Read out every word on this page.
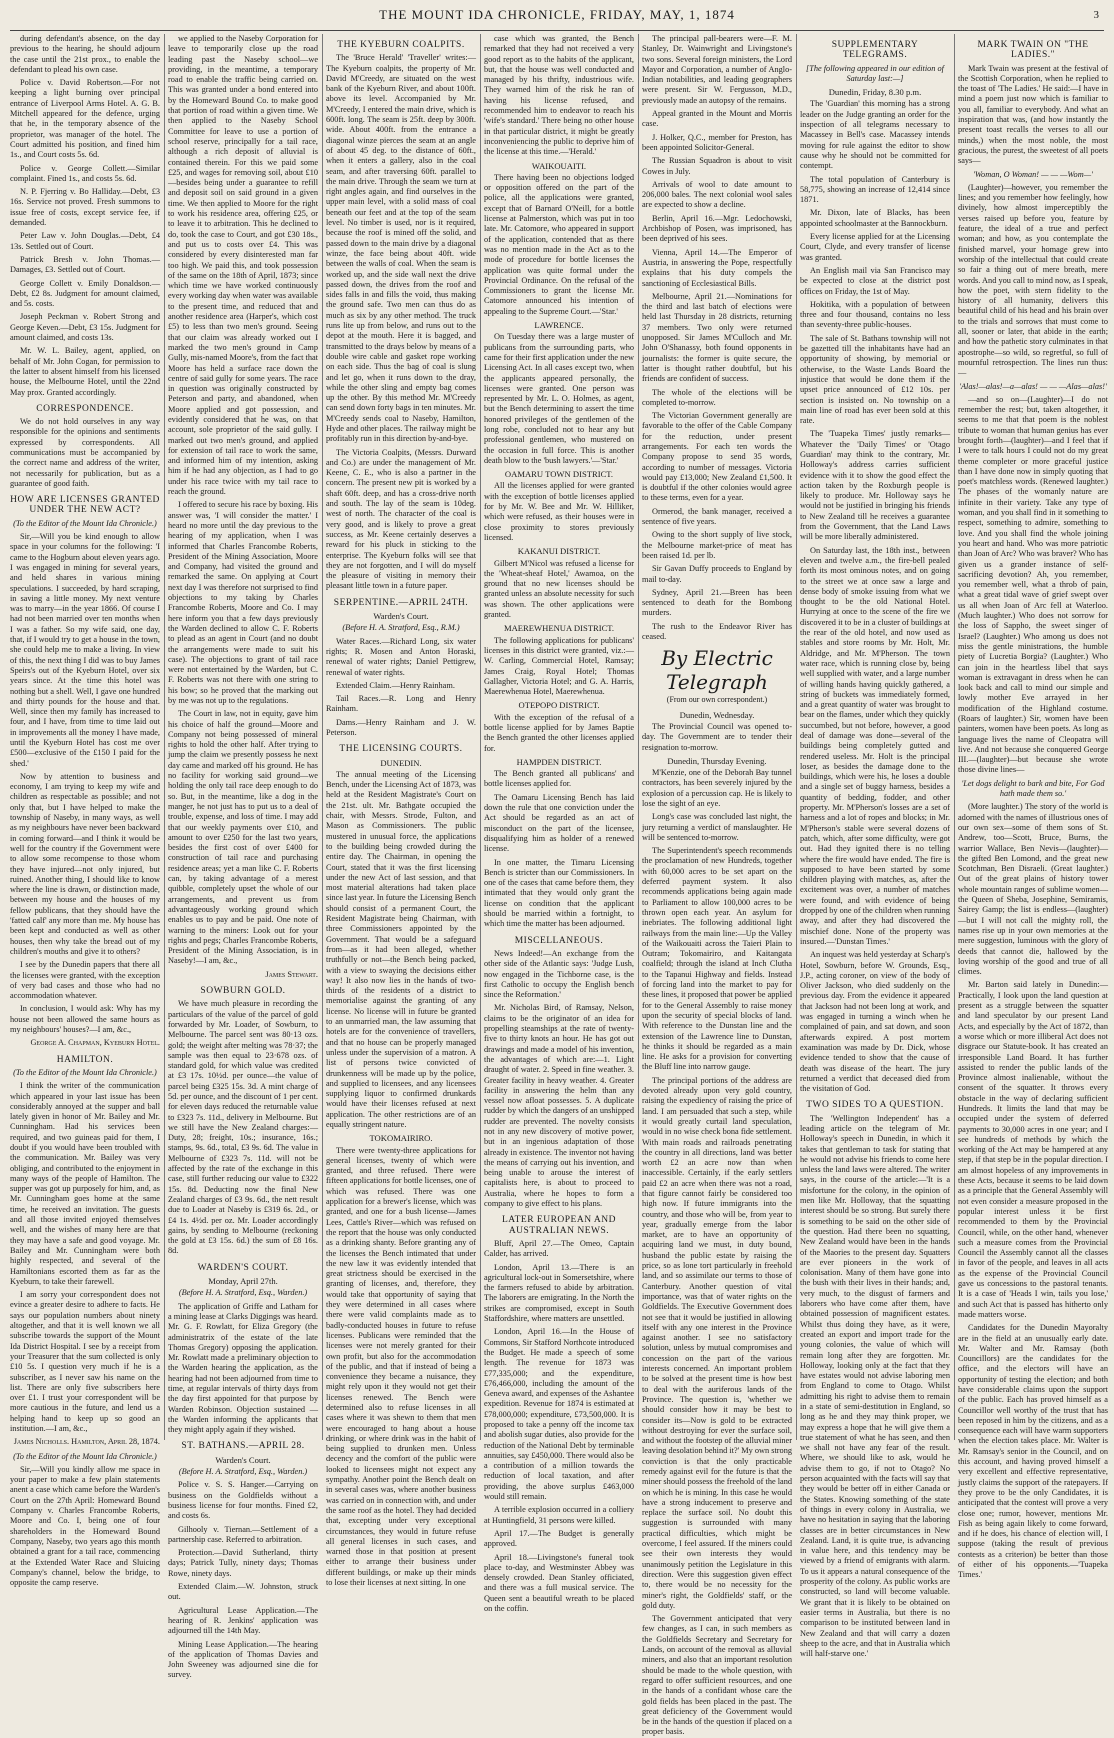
THE MOUNT IDA CHRONICLE, FRIDAY, MAY, 1, 1874	3

during defendant's absence, on the day previous to the hearing, he should adjourn the case until the 21st prox., to enable the defendant to plead his own case.

Police v. David Robertson.—For not keeping a light burning over principal entrance of Liverpool Arms Hotel. A. G. B. Mitchell appeared for the defence, urging that he, in the temporary absence of the proprietor, was manager of the hotel. The Court admitted his position, and fined him 1s., and Court costs 5s. 6d.

Police v. George Collett.—Similar complaint. Fined 1s., and costs 5s. 6d.

N. P. Fjerring v. Bo Halliday.—Debt, £3 16s. Service not proved. Fresh summons to issue free of costs, except service fee, if demanded.

Peter Law v. John Douglas.—Debt, £4 13s. Settled out of Court.

Patrick Bresh v. John Thomas.—Damages, £3. Settled out of Court.

George Collett v. Emily Donaldson.—Debt, £2 8s. Judgment for amount claimed, and 5s. costs.

Joseph Peckman v. Robert Strong and George Keven.—Debt, £3 15s. Judgment for amount claimed, and costs 13s.

Mr. W. L. Bailey, agent, applied, on behalf of Mr. John Cogan, for permission to the latter to absent himself from his licensed house, the Melbourne Hotel, until the 22nd May prox. Granted accordingly.

CORRESPONDENCE.

We do not hold ourselves in any way responsible for the opinions and sentiments expressed by correspondents. All communications must be accompanied by the correct name and address of the writer, not necessarily for publication, but as a guarantee of good faith.

HOW ARE LICENSES GRANTED UNDER THE NEW ACT?
(To the Editor of the Mount Ida Chronicle.)

Sir,—Will you be kind enough to allow space in your columns for the following: 'I came to the Hogburn about eleven years ago. I was engaged in mining for several years, and held shares in various mining speculations. I succeeded, by hard scraping, in saving a little money. My next venture was to marry—in the year 1866. Of course I had not been married over ten months when I was a father. So my wife said, one day, that, if I would try to get a house in the town, she could help me to make a living. In view of this, the next thing I did was to buy James Speirs's out of the Kyeburn Hotel, over six years since. At the time this hotel was nothing but a shell. Well, I gave one hundred and thirty pounds for the house and that. Well, since then my family has increased to four, and I have, from time to time laid out in improvements all the money I have made, until the Kyeburn Hotel has cost me over £500—exclusive of the £150 I paid for the shed.'

Now by attention to business and economy, I am trying to keep my wife and children as respectable as possible; and not only that, but I have helped to make the township of Naseby, in many ways, as well as my neighbours have never been backward in coming forward—and I think it would be well for the country if the Government were to allow some recompense to those whom they have injured—not only injured, but ruined. Another thing, I should like to know where the line is drawn, or distinction made, between my house and the houses of my fellow publicans, that they should have the 'fatted calf' any more than me. My house has been kept and conducted as well as other houses, then why take the bread out of my children's mouths and give it to others?

I see by the Dunedin papers that there all the licenses were granted, with the exception of very bad cases and those who had no accommodation whatever.

In conclusion, I would ask: Why has my house not been allowed the same hours as my neighbours' houses?—I am, &c.,

George A. Chapman, Kyeburn Hotel.
HAMILTON.
(To the Editor of the Mount Ida Chronicle.)

I think the writer of the communication which appeared in your last issue has been considerably annoyed at the supper and ball lately given in honor of Mr. Bailey and Mr. Cunningham. Had his services been required, and two guineas paid for them, I doubt if you would have been troubled with the communication. Mr. Bailey was very obliging, and contributed to the enjoyment in many ways of the people of Hamilton. The supper was got up purposely for him, and, as Mr. Cunningham goes home at the same time, he received an invitation. The guests and all those invited enjoyed themselves well, and the wishes of many here are that they may have a safe and good voyage. Mr. Bailey and Mr. Cunningham were both highly respected, and several of the Hamiltonians escorted them as far as the Kyeburn, to take their farewell.

I am sorry your correspondent does not evince a greater desire to adhere to facts. He says our population numbers about ninety altogether, and that it is well known we all subscribe towards the support of the Mount Ida District Hospital. I see by a receipt from your Treasurer that the sum collected is only £10 5s. I question very much if he is a subscriber, as I never saw his name on the list. There are only five subscribers here over £1. I trust your correspondent will be more cautious in the future, and lend us a helping hand to keep up so good an institution.—I am, &c.,

James Nicholls. Hamilton, April 28, 1874.
(To the Editor of the Mount Ida Chronicle.)

Sir,—Will you kindly allow me space in your paper to make a few plain statements anent a case which came before the Warden's Court on the 27th April: Homeward Bound Company v. Charles Francombe Roberts, Moore and Co. I, being one of four shareholders in the Homeward Bound Company, Naseby, two years ago this month obtained a grant for a tail race, commencing at the Extended Water Race and Sluicing Company's channel, below the bridge, to opposite the camp reserve.

we applied to the Naseby Corporation for leave to temporarily close up the road leading past the Naseby school—we providing, in the meantime, a temporary road to enable the traffic being carried on. This was granted under a bond entered into by the Homeward Bound Co. to make good that portion of road within a given time. We then applied to the Naseby School Committee for leave to use a portion of school reserve, principally for a tail race, although a rich deposit of alluvial is contained therein. For this we paid some £25, and wages for removing soil, about £10—besides being under a guarantee to refill and deposit soil on said ground in a given time. We then applied to Moore for the right to work his residence area, offering £25, or to leave it to arbitration. This he declined to do, took the case to Court, and got £30 18s., and put us to costs over £4. This was considered by every disinterested man far too high. We paid this, and took possession of the same on the 18th of April, 1873; since which time we have worked continuously every working day when water was available to the present time, and reduced that and another residence area (Harper's, which cost £5) to less than two men's ground. Seeing that our claim was already worked out I marked the two men's ground in Camp Gully, mis-named Moore's, from the fact that Moore has held a surface race down the centre of said gully for some years. The race in question was originally constructed by Peterson and party, and abandoned, when Moore applied and got possession, and evidently considered that he was, on that account, sole proprietor of the said gully. I marked out two men's ground, and applied for extension of tail race to work the same, and informed him of my intention, asking him if he had any objection, as I had to go under his race twice with my tail race to reach the ground.

I offered to secure his race by boxing. His answer was, 'I will consider the matter.' I heard no more until the day previous to the hearing of my application, when I was informed that Charles Francombe Roberts, President of the Mining Association, Moore and Company, had visited the ground and remarked the same. On applying at Court next day I was therefore not surprised to find objections to my taking by Charles Francombe Roberts, Moore and Co. I may here inform you that a few days previously the Warden declined to allow C. F. Roberts to plead as an agent in Court (and no doubt the arrangements were made to suit his case). The objections to grant of tail race were not entertained by the Warden, but C. F. Roberts was not there with one string to his bow; so he proved that the marking out by me was not up to the regulations.

The Court in law, not in equity, gave him his choice of half the ground—Moore and Company not being possessed of mineral rights to hold the other half. After trying to jump the claim we presently possess he next day came and marked off his ground. He has no facility for working said ground—we holding the only tail race deep enough to do so. But, in the meantime, like a dog in the manger, he not just has to put us to a deal of trouble, expense, and loss of time. I may add that our weekly payments over £10, and amount to over £250 for the last two years, besides the first cost of over £400 for construction of tail race and purchasing residence areas; yet a man like C. F. Roberts can, by taking advantage of a merest quibble, completely upset the whole of our arrangements, and prevent us from advantageously working ground which enables us to pay and be paid. One note of warning to the miners: Look out for your rights and pegs; Charles Francombe Roberts, President of the Mining Association, is in Naseby!—I am, &c.,

James Stewart.
SOWBURN GOLD.

We have much pleasure in recording the particulars of the value of the parcel of gold forwarded by Mr. Loader, of Sowburn, to Melbourne. The parcel sent was 80·13 ozs. gold; the weight after melting was 78·37; the sample was then equal to 23·678 ozs. of standard gold, for which value was credited at £3 17s. 10½d. per ounce—the value of parcel being £325 15s. 3d. A mint charge of 5d. per ounce, and the discount of 1 per cent. for eleven days reduced the returnable value to £323 7s. 11d., delivery in Melbourne. But we still have the New Zealand charges:—Duty, 28; freight, 10s.; insurance, 16s.; stamps, 9s. 6d., total, £3 9s. 6d. The value in Melbourne of £323 7s. 11d. will not be affected by the rate of the exchange in this case, still further reducing our value to £322 15s. 8d. Deducting now the final New Zealand charges of £3 9s. 6d., the nett result due to Loader at Naseby is £319 6s. 2d., or £4 1s. 4½d. per oz. Mr. Loader accordingly gains, by sending to Melbourne (reckoning the gold at £3 15s. 6d.) the sum of £8 16s. 8d.

WARDEN'S COURT.
Monday, April 27th.
(Before H. A. Stratford, Esq., Warden.)

The application of Griffe and Latham for a mining lease at Clarks Diggings was heard. Mr. G. F. Rowlatt, for Eliza Gregory (the administratrix of the estate of the late Thomas Gregory) opposing the application. Mr. Rowlatt made a preliminary objection to the Warden hearing the application, as the hearing had not been adjourned from time to time, at regular intervals of thirty days from the day first appointed for that purpose by Warden Robinson. Objection sustained — the Warden informing the applicants that they might apply again if they wished.

ST. BATHANS.—APRIL 28.
Warden's Court.
(Before H. A. Stratford, Esq., Warden.)

Police v. S. S. Hanger.—Carrying on business on the Goldfields without a business license for four months. Fined £2, and costs 6s.

Gilhooly v. Tiernan.—Settlement of a partnership case. Referred to arbitration.

Protection.—David Sutherland, thirty days; Patrick Tully, ninety days; Thomas Rowe, ninety days.

Extended Claim.—W. Johnston, struck out.

Agricultural Lease Application.—The hearing of R. Jenkins' application was adjourned till the 14th May.

Mining Lease Application.—The hearing of the application of Thomas Davies and John Sweeney was adjourned sine die for survey.

THE KYEBURN COALPITS.

The 'Bruce Herald' 'Traveller' writes:—The Kyeburn coalpits, the property of Mr. David M'Creedy, are situated on the west bank of the Kyeburn River, and about 100ft. above its level. Accompanied by Mr. M'Creedy, I entered the main drive, which is 600ft. long. The seam is 25ft. deep by 300ft. wide. About 400ft. from the entrance a diagonal winze pierces the seam at an angle of about 45 deg. to the distance of 60ft., when it enters a gallery, also in the coal seam, and after traversing 60ft. parallel to the main drive. Through the seam we turn at right angles again, and find ourselves in the upper main level, with a solid mass of coal beneath our feet and at the top of the seam level. No timber is used, nor is it required, because the roof is mined off the solid, and passed down to the main drive by a diagonal winze, the face being about 40ft. wide between the walls of coal. When the seam is worked up, and the side wall next the drive passed down, the drives from the roof and sides falls in and fills the void, thus making the ground safe. Two men can thus do as much as six by any other method. The truck runs lite up from below, and runs out to the depot at the mouth. Here it is bagged, and transmitted to the drays below by means of a double wire cable and gasket rope working on each side. Thus the bag of coal is slung and let go, when it runs down to the dray, while the other sling and empty bag comes up the other. By this method Mr. M'Creedy can send down forty bags in ten minutes. Mr. M'Creedy sends coal to Naseby, Hamilton, Hyde and other places. The railway might be profitably run in this direction by-and-bye.

The Victoria Coalpits, (Messrs. Durward and Co.) are under the management of Mr. Keene, C. E., who is also a partner in the concern. The present new pit is worked by a shaft 60ft. deep, and has a cross-drive north and south. The lay of the seam is 10deg. west of north. The character of the coal is very good, and is likely to prove a great success, as Mr. Keene certainly deserves a reward for his pluck in sticking to the enterprise. The Kyeburn folks will see that they are not forgotten, and I will do myself the pleasure of visiting in memory their pleasant little town in a future paper.

SERPENTINE.—APRIL 24TH.
Warden's Court.
(Before H. A. Stratford, Esq., R.M.)

Water Races.—Richard Long, six water rights; R. Mosen and Anton Horaski, renewal of water rights; Daniel Pettigrew, renewal of water rights.

Extended Claim.—Henry Rainham.

Tail Races.—R. Long and Henry Rainham.

Dams.—Henry Rainham and J. W. Peterson.

THE LICENSING COURTS.
DUNEDIN.

The annual meeting of the Licensing Bench, under the Licensing Act of 1873, was held at the Resident Magistrate's Court on the 21st. ult. Mr. Bathgate occupied the chair, with Messrs. Strode, Fulton, and Mason as Commissioners. The public mustered in unusual force, the applications to the building being crowded during the entire day. The Chairman, in opening the Court, stated that it was the first licensing under the new Act of last session, and that most material alterations had taken place since last year. In future the Licensing Bench should consist of a permanent Court, the Resident Magistrate being Chairman, with three Commissioners appointed by the Government. That would be a safeguard from—as it had been alleged, whether truthfully or not—the Bench being packed, with a view to swaying the decisions either way! It also now lies in the hands of two-thirds of the residents of a district to memorialise against the granting of any license. No license will in future be granted to an unmarried man, the law assuming that hotels are for the convenience of travellers, and that no house can be properly managed unless under the supervision of a matron. A list of persons twice convicted of drunkenness will be made up by the police, and supplied to licensees, and any licensees supplying liquor to confirmed drunkards would have their licenses refused at next application. The other restrictions are of an equally stringent nature.

TOKOMAIRIRO.

There were twenty-three applications for general licenses, twenty of which were granted, and three refused. There were fifteen applications for bottle licenses, one of which was refused. There was one application for a brewer's license, which was granted, and one for a bush license—James Lees, Cattle's River—which was refused on the report that the house was only conducted as a drinking shanty. Before granting any of the licenses the Bench intimated that under the new law it was evidently intended that great strictness should be exercised in the granting of licenses, and, therefore, they would take that opportunity of saying that they were determined in all cases where there were valid complaints made as to badly-conducted houses in future to refuse licenses. Publicans were reminded that the licenses were not merely granted for their own profit, but also for the accommodation of the public, and that if instead of being a convenience they became a nuisance, they might rely upon it they would not get their licenses renewed. The Bench were determined also to refuse licenses in all cases where it was shewn to them that men were encouraged to hang about a house drinking, or where drink was in the habit of being supplied to drunken men. Unless decency and the comfort of the public were looked to licensees might not expect any sympathy. Another point the Bench dealt on in several cases was, where another business was carried on in connection with, and under the same roof as the hotel. They had decided that, excepting under very exceptional circumstances, they would in future refuse all general licenses in such cases, and warned those in that position at present either to arrange their business under different buildings, or make up their minds to lose their licenses at next sitting. In one

case which was granted, the Bench remarked that they had not received a very good report as to the habits of the applicant, but, that the house was well conducted and managed by his thrifty, industrious wife. They warned him of the risk he ran of having his license refused, and recommended him to endeavor to reach his 'wife's standard.' There being no other house in that particular district, it might be greatly inconveniencing the public to deprive him of the license at this time.—'Herald.'

WAIKOUAITI.

There having been no objections lodged or opposition offered on the part of the police, all the applications were granted, except that of Barnard O'Neill, for a bottle license at Palmerston, which was put in too late. Mr. Catomore, who appeared in support of the application, contended that as there was no mention made in the Act as to the mode of procedure for bottle licenses the application was quite formal under the Provincial Ordinance. On the refusal of the Commissioners to grant the license Mr. Catomore announced his intention of appealing to the Supreme Court.—'Star.'

LAWRENCE.

On Tuesday there was a large muster of publicans from the surrounding parts, who came for their first application under the new Licensing Act. In all cases except two, when the applicants appeared personally, the licenses were granted. One person was represented by Mr. L. O. Holmes, as agent, but the Bench determining to assert the time honored privileges of the gentlemen of the long robe, concluded not to hear any but professional gentlemen, who mustered on the occasion in full force. This is another death blow to the 'bush lawyers.'—'Star.'

OAMARU TOWN DISTRICT.

All the licenses applied for were granted with the exception of bottle licenses applied for by Mr. W. Bee and Mr. W. Hilliker, which were refused, as their houses were in close proximity to stores previously licensed.

KAKANUI DISTRICT.

Gilbert M'Nicol was refused a license for the 'Wheat-sheaf Hotel,' Awamoa, on the ground that no new licenses should be granted unless an absolute necessity for such was shown. The other applications were granted.

MAEREWHENUA DISTRICT.

The following applications for publicans' licenses in this district were granted, viz.:—W. Carling, Commercial Hotel, Ramsay; James Craig, Royal Hotel; Thomas Gallagher, Victoria Hotel; and G. A. Harris, Maerewhenua Hotel, Maerewhenua.

OTEPOPO DISTRICT.

With the exception of the refusal of a bottle license applied for by James Baptie the Bench granted the other licenses applied for.

HAMPDEN DISTRICT.

The Bench granted all publicans' and bottle licenses applied for.

The Oamaru Licensing Bench has laid down the rule that one conviction under the Act should be regarded as an act of misconduct on the part of the licensee, disqualifying him as holder of a renewed license.

In one matter, the Timaru Licensing Bench is stricter than our Commissioners. In one of the cases that came before them, they intimated that they would only grant the license on condition that the applicant should be married within a fortnight, to which time the matter has been adjourned.

MISCELLANEOUS.

News Indeed!—An exchange from the other side of the Atlantic says: 'Judge Lush, now engaged in the Tichborne case, is the first Catholic to occupy the English bench since the Reformation.'

Mr. Nicholas Bird, of Ramsay, Nelson, claims to be the originator of an idea for propelling steamships at the rate of twenty-five to thirty knots an hour. He has got out drawings and made a model of his invention, the advantages of which are:—1. Light draught of water. 2. Speed in fine weather. 3. Greater facility in heavy weather. 4. Greater facility in answering the helm than any vessel now afloat possesses. 5. A duplicate rudder by which the dangers of an unshipped rudder are prevented. The novelty consists not in any new discovery of motive power, but in an ingenious adaptation of those already in existence. The inventor not having the means of carrying out his invention, and being unable to arouse the interest of capitalists here, is about to proceed to Australia, where he hopes to form a company to give effect to his plans.

LATER EUROPEAN AND AUSTRALIAN NEWS.

Bluff, April 27.—The Omeo, Captain Calder, has arrived.

London, April 13.—There is an agricultural lock-out in Somersetshire, where the farmers refused to abide by arbitration. The laborers are emigrating. In the North the strikes are compromised, except in South Staffordshire, where matters are unsettled.

London, April 16.—In the House of Commons, Sir Stafford Northcote introduced the Budget. He made a speech of some length. The revenue for 1873 was £77,335,000; and the expenditure, £76,466,000, including the amount of the Geneva award, and expenses of the Ashantee expedition. Revenue for 1874 is estimated at £78,000,000; expenditure, £73,500,000. It is proposed to take a penny off the income tax and abolish sugar duties, also provide for the reduction of the National Debt by terminable annuities, say £450,000. There would also be a contribution of a million towards the reduction of local taxation, and after providing, the above surplus £463,000 would still remain.

A terrible explosion occurred in a colliery at Huntingfield, 31 persons were killed.

April 17.—The Budget is generally approved.

April 18.—Livingstone's funeral took place to-day, and Westminster Abbey was densely crowded. Dean Stanley officiated, and there was a full musical service. The Queen sent a beautiful wreath to be placed on the coffin.

The principal pall-bearers were—F. M. Stanley, Dr. Wainwright and Livingstone's two sons. Several foreign ministers, the Lord Mayor and Corporation, a number of Anglo-Indian notabilities, and leading geographers were present. Sir W. Fergusson, M.D., previously made an autopsy of the remains.

Appeal granted in the Mount and Morris case.

J. Holker, Q.C., member for Preston, has been appointed Solicitor-General.

The Russian Squadron is about to visit Cowes in July.

Arrivals of wool to date amount to 206,000 bales. The next colonial wool sales are expected to show a decline.

Berlin, April 16.—Mgr. Ledochowski, Archbishop of Posen, was imprisoned, has been deprived of his sees.

Vienna, April 14.—The Emperor of Austria, in answering the Pope, respectfully explains that his duty compels the sanctioning of Ecclesiastical Bills.

Melbourne, April 21.—Nominations for the third and last batch of elections were held last Thursday in 28 districts, returning 37 members. Two only were returned unopposed. Sir James M'Culloch and Mr. John O'Shanassy, both found opponents in journalists: the former is quite secure, the latter is thought rather doubtful, but his friends are confident of success.

The whole of the elections will be completed to-morrow.

The Victorian Government generally are favorable to the offer of the Cable Company for the reduction, under present arrangements. For each ten words the Company propose to send 35 words, according to number of messages. Victoria would pay £13,000; New Zealand £1,500. It is doubtful if the other colonies would agree to these terms, even for a year.

Ormerod, the bank manager, received a sentence of five years.

Owing to the short supply of live stock, the Melbourne market-price of meat has been raised 1d. per lb.

Sir Gavan Duffy proceeds to England by mail to-day.

Sydney, April 21.—Breen has been sentenced to death for the Bombong murders.

The rush to the Endeavor River has ceased.

By Electric Telegraph
(From our own correspondent.)
Dunedin, Wednesday.

The Provincial Council was opened to-day. The Government are to tender their resignation to-morrow.

Dunedin, Thursday Evening.

M'Kenzie, one of the Deborah Bay tunnel contractors, has been severely injured by the explosion of a percussion cap. He is likely to lose the sight of an eye.

Long's case was concluded last night, the jury returning a verdict of manslaughter. He will be sentenced to-morrow.

The Superintendent's speech recommends the proclamation of new Hundreds, together with 60,000 acres to be set apart on the deferred payment system. It also recommends applications being again made to Parliament to allow 100,000 acres to be thrown open each year. An asylum for inebriates. The following additional light railways from the main line:—Up the Valley of the Waikouaiti across the Taieri Plain to Outram; Tokomairiro, and Kaitangata coalfield; through the island at Inch Clutha to the Tapanui Highway and fields. Instead of forcing land into the market to pay for these lines, it proposed that power be applied for to the General Assembly to raise money upon the security of special blocks of land. With reference to the Dunstan line and the extension of the Lawrence line to Dunstan, he thinks it should be regarded as a main line. He asks for a provision for converting the Bluff line into narrow gauge.

The principal portions of the address are devoted already upon very gold country, raising the expediency of raising the price of land. I am persuaded that such a step, while it would greatly curtail land speculation, would in no wise check bona fide settlement. With main roads and railroads penetrating the country in all directions, land was better worth £2 an acre now than when inaccessible. Certainly, if the early settlers paid £2 an acre when there was not a road, that figure cannot fairly be considered too high now. If future immigrants into the country, and those who will be, from year to year, gradually emerge from the labor market, are to have an opportunity of acquiring land we must, in duty bound, husband the public estate by raising the price, so as lone tort particularly in freehold land, and so assimilate our terms to those of Canterbury. Another question of vital importance, was that of water rights on the Goldfields. The Executive Government does not see that it would be justified in allowing itself with any one interest in the Province against another. I see no satisfactory solution, unless by mutual compromises and concession on the part of the various interests concerned. An important problem to be solved at the present time is how best to deal with the auriferous lands of the Province. The question is, 'whether we should consider how it may be best to consider its—Now is gold to be extracted without destroying for ever the surface soil, and without the footstep of the alluvial miner leaving desolation behind it?' My own strong conviction is that the only practicable remedy against evil for the future is that the miner should possess the freehold of the land on which he is mining. In this case he would have a strong inducement to preserve and replace the surface soil. No doubt this suggestion is surrounded with many practical difficulties, which might be overcome, I feel assured. If the miners could see their own interests they would unanimously petition the Legislature in this direction. Were this suggestion given effect to, there would be no necessity for the miner's right, the Goldfields' staff, or the gold duty.

The Government anticipated that very few changes, as I can, in such members as the Goldfields Secretary and Secretary for Lands, on account of the removal as alluvial miners, and also that an important resolution should be made to the whole question, with regard to offer sufficient resources, and one in the hands of a confidant whose care the gold fields has been placed in the past. The great deficiency of the Government would be in the hands of the question if placed on a proper basis.

SUPPLEMENTARY TELEGRAMS.
[The following appeared in our edition of Saturday last:—]
Dunedin, Friday, 8.30 p.m.

The 'Guardian' this morning has a strong leader on the Judge granting an order for the inspection of all telegrams necessary to Macassey in Bell's case. Macassey intends moving for rule against the editor to show cause why he should not be committed for contempt.

The total population of Canterbury is 58,775, showing an increase of 12,414 since 1871.

Mr. Dixon, late of Blacks, has been appointed schoolmaster at the Bannockburn.

Every license applied for at the Licensing Court, Clyde, and every transfer of license was granted.

An English mail via San Francisco may be expected to close at the district post offices on Friday, the 1st of May.

Hokitika, with a population of between three and four thousand, contains no less than seventy-three public-houses.

The sale of St. Bathans township will not be gazetted till the inhabitants have had an opportunity of showing, by memorial or otherwise, to the Waste Lands Board the injustice that would be done them if the upset price announced of £12 10s. per section is insisted on. No township on a main line of road has ever been sold at this rate.

The 'Tuapeka Times' justly remarks—Whatever the 'Daily Times' or 'Otago Guardian' may think to the contrary, Mr. Holloway's address carries sufficient evidence with it to show the good effect the action taken by the Roxburgh people is likely to produce. Mr. Holloway says he would not be justified in bringing his friends to New Zealand till he receives a guarantee from the Government, that the Land Laws will be more liberally administered.

On Saturday last, the 18th inst., between eleven and twelve a.m., the fire-bell pealed forth its most ominous notes, and on going to the street we at once saw a large and dense body of smoke issuing from what we thought to be the old National Hotel. Hurrying at once to the scene of the fire we discovered it to be in a cluster of buildings at the rear of the old hotel, and now used as stables and store rooms by Mr. Holt, Mr. Aldridge, and Mr. M'Pherson. The town water race, which is running close by, being well supplied with water, and a large number of willing hands having quickly gathered, a string of buckets was immediately formed, and a great quantity of water was brought to bear on the flames, under which they quickly succumbed, but not before, however, a good deal of damage was done—several of the buildings being completely gutted and rendered useless. Mr. Holt is the principal loser, as besides the damage done to the buildings, which were his, he loses a double and a single set of buggy harness, besides a quantity of bedding, fodder, and other property. Mr. M'Pherson's losses are a set of harness and a lot of ropes and blocks; in Mr. M'Pherson's stable were several dozens of patch, which, after some difficulty, were got out. Had they ignited there is no telling where the fire would have ended. The fire is supposed to have been started by some children playing with matches, as, after the excitement was over, a number of matches were found, and with evidence of being dropped by one of the children when running away, and after they had discovered the mischief done. None of the property was insured.—'Dunstan Times.'

An inquest was held yesterday at Scharp's Hotel, Sowburn, before W. Grounds, Esq., J.P., acting coroner, on view of the body of Oliver Jackson, who died suddenly on the previous day. From the evidence it appeared that Jackson had not been long at work, and was engaged in turning a winch when he complained of pain, and sat down, and soon afterwards expired. A post mortem examination was made by Dr. Dick, whose evidence tended to show that the cause of death was disease of the heart. The jury returned a verdict that deceased died from the visitation of God.

TWO SIDES TO A QUESTION.

The 'Wellington Independent' has a leading article on the telegram of Mr. Holloway's speech in Dunedin, in which it takes that gentleman to task for stating that he would not advise his friends to come here unless the land laws were altered. The writer says, in the course of the article:—'It is a misfortune for the colony, in the opinion of men like Mr. Holloway, that the squatting interest should be so strong. But surely there is something to be said on the other side of the question. Had there been no squatting, New Zealand would have been in the hands of the Maories to the present day. Squatters are ever pioneers in the work of colonisation. Many of them have gone into the bush with their lives in their hands; and, very much, to the disgust of farmers and laborers who have come after them, have obtained possession of magnificent estates. Whilst thus doing they have, as it were, created an export and import trade for the young colonies, the value of which will remain long after they are forgotten. Mr. Holloway, looking only at the fact that they have estates would not advise laboring men from England to come to Otago. Whilst admitting his right to advise them to remain in a state of semi-destitution in England, so long as he and they may think proper, we may express a hope that he will give them a true statement of what he has seen, and then we shall not have any fear of the result. Where, we should like to ask, would he advise them to go, if not to Otago? No person acquainted with the facts will say that they would be better off in either Canada or the States. Knowing something of the state of things in every colony in Australia, we have no hesitation in saying that the laboring classes are in better circumstances in New Zealand. Land, it is quite true, is advancing in value here, and this tendency may be viewed by a friend of emigrants with alarm. To us it appears a natural consequence of the prosperity of the colony. As public works are constructed, so land will become valuable. We grant that it is likely to be obtained on easier terms in Australia, but there is no comparison to be instituted between land in New Zealand and that will carry a dozen sheep to the acre, and that in Australia which will half-starve one.'

MARK TWAIN ON "THE LADIES."

Mark Twain was present at the festival of the Scottish Corporation, when he replied to the toast of 'The Ladies.' He said:—I have in mind a poem just now which is familiar to you all, familiar to everybody. And what an inspiration that was, (and how instantly the present toast recalls the verses to all our minds,) when the most noble, the most gracious, the purest, the sweetest of all poets says—

'Woman, O Woman! — — —Wom—'

(Laughter)—however, you remember the lines; and you remember how feelingly, how divinely, how almost imperceptibly the verses raised up before you, feature by feature, the ideal of a true and perfect woman; and how, as you contemplate the finished marvel, your homage grew into worship of the intellectual that could create so fair a thing out of mere breath, mere words. And you call to mind now, as I speak, how the poet, with stern fidelity to the history of all humanity, delivers this beautiful child of his head and his brain over to the trials and sorrows that must come to all, sooner or later, that abide in the earth; and how the pathetic story culminates in that apostrophe—so wild, so regretful, so full of mournful retrospection. The lines run thus:—

'Alas!—alas!—a—alas! — — —Alas—alas!'

—and so on—(Laughter)—I do not remember the rest; but, taken altogether, it seems to me that that poem is the noblest tribute to woman that human genius has ever brought forth—(laughter)—and I feel that if I were to talk hours I could not do my great theme completer or more graceful justice than I have done now in simply quoting that poet's matchless words. (Renewed laughter.) The phases of the womanly nature are infinite in their variety. Take any type of woman, and you shall find in it something to respect, something to admire, something to love. And you shall find the whole joining you heart and hand. Who was more patriotic than Joan of Arc? Who was braver? Who has given us a grander instance of self-sacrificing devotion? Ah, you remember, you remember well, what a throb of pain, what a great tidal wave of grief swept over us all when Joan of Arc fell at Waterloo. (Much laughter.) Who does not sorrow for the loss of Sappho, the sweet singer of Israel? (Laughter.) Who among us does not miss the gentle ministrations, the humble piety of Lucretia Borgia? (Laughter.) Who can join in the heartless libel that says woman is extravagant in dress when he can look back and call to mind our simple and lowly mother Eve arrayed in her modification of the Highland costume. (Roars of laughter.) Sir, women have been painters, women have been poets. As long as language lives the name of Cleopatra will live. And not because she conquered George III.—(laughter)—but because she wrote those divine lines—

'Let dogs delight to bark and bite, For God hath made them so.'

(More laughter.) The story of the world is adorned with the names of illustrious ones of our own sex—some of them sons of St. Andrew, too—Scott, Bruce, Burns, the warrior Wallace, Ben Nevis—(laughter)—the gifted Ben Lomond, and the great new Scotchman, Ben Disraeli. (Great laughter.) Out of the great plains of history tower whole mountain ranges of sublime women—the Queen of Sheba, Josephine, Semiramis, Sairey Gamp; the list is endless—(laughter)—but I will not call the mighty roll, the names rise up in your own memories at the mere suggestion, luminous with the glory of deeds that cannot die, hallowed by the loving worship of the good and true of all climes.

Mr. Barton said lately in Dunedin:—Practically, I look upon the land question at present as a struggle between the squatter and land speculator by our present Land Acts, and especially by the Act of 1872, than a worse which or more illiberal Act does not disgrace our Statute-book. It has created an irresponsible Land Board. It has further assisted to render the public lands of the Province almost inalienable, without the consent of the squatter. It throws every obstacle in the way of declaring sufficient Hundreds. It limits the land that may be occupied under the system of deferred payments to 30,000 acres in one year; and I see hundreds of methods by which the working of the Act may be hampered at any step, if that step be in the popular direction. I am almost hopeless of any improvements in these Acts, because it seems to be laid down as a principle that the General Assembly will not even consider a measure proposed in the popular interest unless it be first recommended to them by the Provincial Council, while, on the other hand, whenever such a measure comes from the Provincial Council the Assembly cannot all the classes in favor of the people, and leaves in all acts as the expense of the Provincial Council gave us concessions to the pastoral tenants. It is a case of 'Heads I win, tails you lose,' and such Act that is passed has hitherto only made matters worse.

Candidates for the Dunedin Mayoralty are in the field at an unusually early date. Mr. Walter and Mr. Ramsay (both Councillors) are the candidates for the office, and the electors will have an opportunity of testing the election; and both have considerable claims upon the support of the public. Each has proved himself as a Councillor well worthy of the trust that has been reposed in him by the citizens, and as a consequence each will have warm supporters when the election takes place. Mr. Walter is Mr. Ramsay's senior in the Council, and on this account, and having proved himself a very excellent and effective representative, justly claims the support of the ratepayers. If they prove to be the only Candidates, it is anticipated that the contest will prove a very close one; rumor, however, mentions Mr. Fish as being again likely to come forward, and if he does, his chance of election will, I suppose (taking the result of previous contests as a criterion) be better than those of either of his opponents.—'Tuapeka Times.'
